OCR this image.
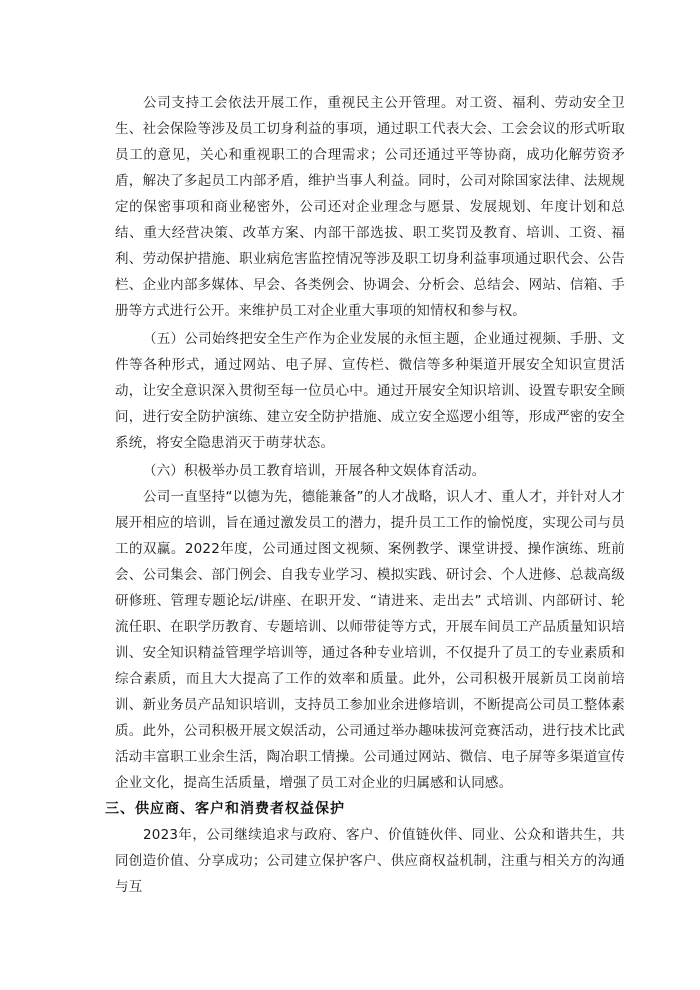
公司支持工会依法开展工作，重视民主公开管理。对工资、福利、劳动安全卫生、社会保险等涉及员工切身利益的事项，通过职工代表大会、工会会议的形式听取员工的意见，关心和重视职工的合理需求；公司还通过平等协商，成功化解劳资矛盾，解决了多起员工内部矛盾，维护当事人利益。同时，公司对除国家法律、法规规定的保密事项和商业秘密外，公司还对企业理念与愿景、发展规划、年度计划和总结、重大经营决策、改革方案、内部干部选拔、职工奖罚及教育、培训、工资、福利、劳动保护措施、职业病危害监控情况等涉及职工切身利益事项通过职代会、公告栏、企业内部多媒体、早会、各类例会、协调会、分析会、总结会、网站、信箱、手册等方式进行公开。来维护员工对企业重大事项的知情权和参与权。

（五）公司始终把安全生产作为企业发展的永恒主题，企业通过视频、手册、文件等各种形式，通过网站、电子屏、宣传栏、微信等多种渠道开展安全知识宣贯活动，让安全意识深入贯彻至每一位员心中。通过开展安全知识培训、设置专职安全顾问，进行安全防护演练、建立安全防护措施、成立安全巡逻小组等，形成严密的安全系统，将安全隐患消灭于萌芽状态。

（六）积极举办员工教育培训，开展各种文娱体育活动。

公司一直坚持“以德为先，德能兼备”的人才战略，识人才、重人才，并针对人才展开相应的培训，旨在通过激发员工的潜力，提升员工工作的愉悦度，实现公司与员工的双赢。2022年度，公司通过图文视频、案例教学、课堂讲授、操作演练、班前会、公司集会、部门例会、自我专业学习、模拟实践、研讨会、个人进修、总裁高级研修班、管理专题论坛/讲座、在职开发、“请进来、走出去” 式培训、内部研讨、轮流任职、在职学历教育、专题培训、以师带徒等方式，开展车间员工产品质量知识培训、安全知识精益管理学培训等，通过各种专业培训，不仅提升了员工的专业素质和综合素质，而且大大提高了工作的效率和质量。此外，公司积极开展新员工岗前培训、新业务员产品知识培训，支持员工参加业余进修培训，不断提高公司员工整体素质。此外，公司积极开展文娱活动，公司通过举办趣味拔河竞赛活动，进行技术比武活动丰富职工业余生活，陶冶职工情操。公司通过网站、微信、电子屏等多渠道宣传企业文化，提高生活质量，增强了员工对企业的归属感和认同感。

三、供应商、客户和消费者权益保护

2023年，公司继续追求与政府、客户、价值链伙伴、同业、公众和谐共生，共同创造价值、分享成功；公司建立保护客户、供应商权益机制，注重与相关方的沟通与互
